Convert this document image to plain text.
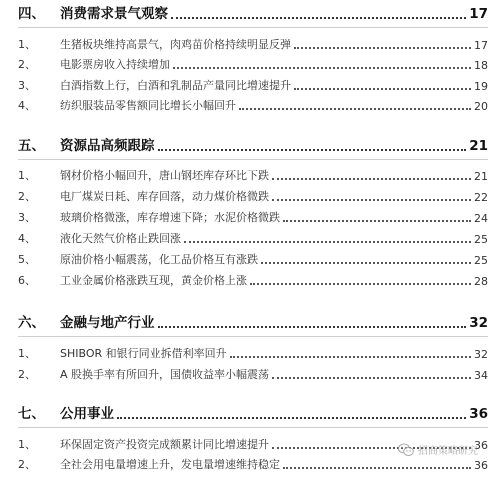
四、	消费需求景气观察	17
1、	生猪板块维持高景气，肉鸡苗价格持续明显反弹	17
2、	电影票房收入持续增加	18
3、	白酒指数上行，白酒和乳制品产量同比增速提升	19
4、	纺织服装品零售额同比增长小幅回升	20
五、	资源品高频跟踪	21
1、	钢材价格小幅回升，唐山钢坯库存环比下跌	21
2、	电厂煤炭日耗、库存回落，动力煤价格微跌	22
3、	玻璃价格微涨，库存增速下降；水泥价格微跌	24
4、	液化天然气价格止跌回涨	25
5、	原油价格小幅震荡，化工品价格互有涨跌	25
6、	工业金属价格涨跌互现，黄金价格上涨	28
六、	金融与地产行业	32
1、	SHIBOR 和银行同业拆借利率回升	32
2、	A 股换手率有所回升，国债收益率小幅震荡	34
七、	公用事业	36
1、	环保固定资产投资完成额累计同比增速提升	36
2、	全社会用电量增速上升，发电量增速维持稳定	36
招商策略研究
